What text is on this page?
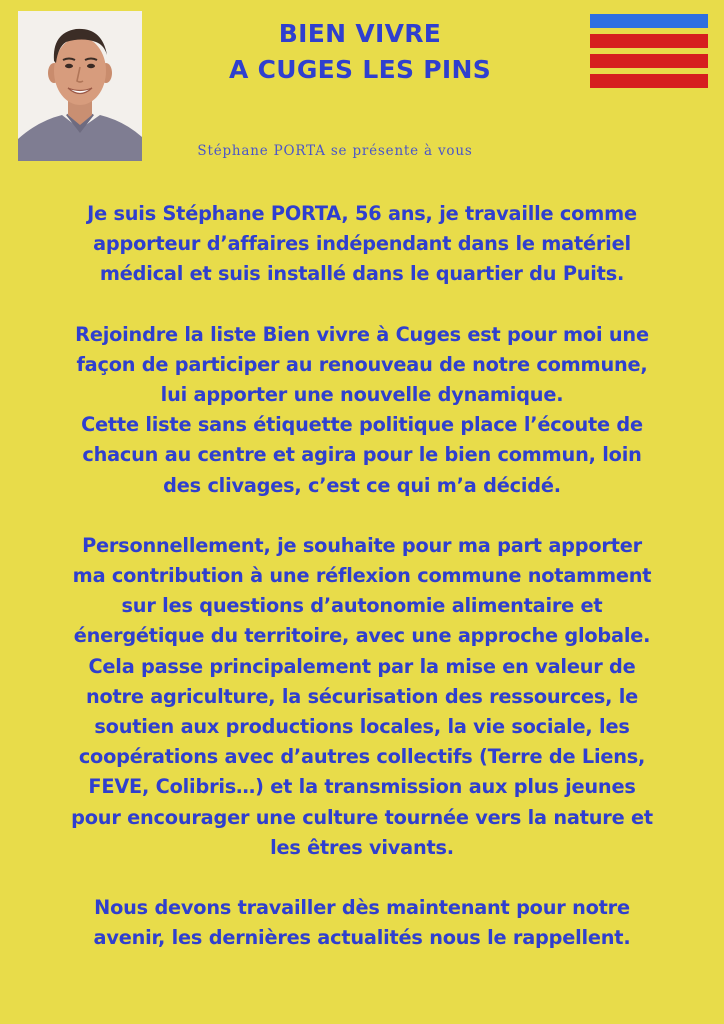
BIEN VIVRE
A CUGES LES PINS
Stéphane PORTA se présente à vous
Je suis Stéphane PORTA, 56 ans, je travaille comme
apporteur d’affaires indépendant dans le matériel
médical et suis installé dans le quartier du Puits.
Rejoindre la liste Bien vivre à Cuges est pour moi une
façon de participer au renouveau de notre commune,
lui apporter une nouvelle dynamique.
Cette liste sans étiquette politique place l’écoute de
chacun au centre et agira pour le bien commun, loin
des clivages, c’est ce qui m’a décidé.
Personnellement, je souhaite pour ma part apporter
ma contribution à une réflexion commune notamment
sur les questions d’autonomie alimentaire et
énergétique du territoire, avec une approche globale.
Cela passe principalement par la mise en valeur de
notre agriculture, la sécurisation des ressources, le
soutien aux productions locales, la vie sociale, les
coopérations avec d’autres collectifs (Terre de Liens,
FEVE, Colibris…) et la transmission aux plus jeunes
pour encourager une culture tournée vers la nature et
les êtres vivants.
Nous devons travailler dès maintenant pour notre
avenir, les dernières actualités nous le rappellent.
